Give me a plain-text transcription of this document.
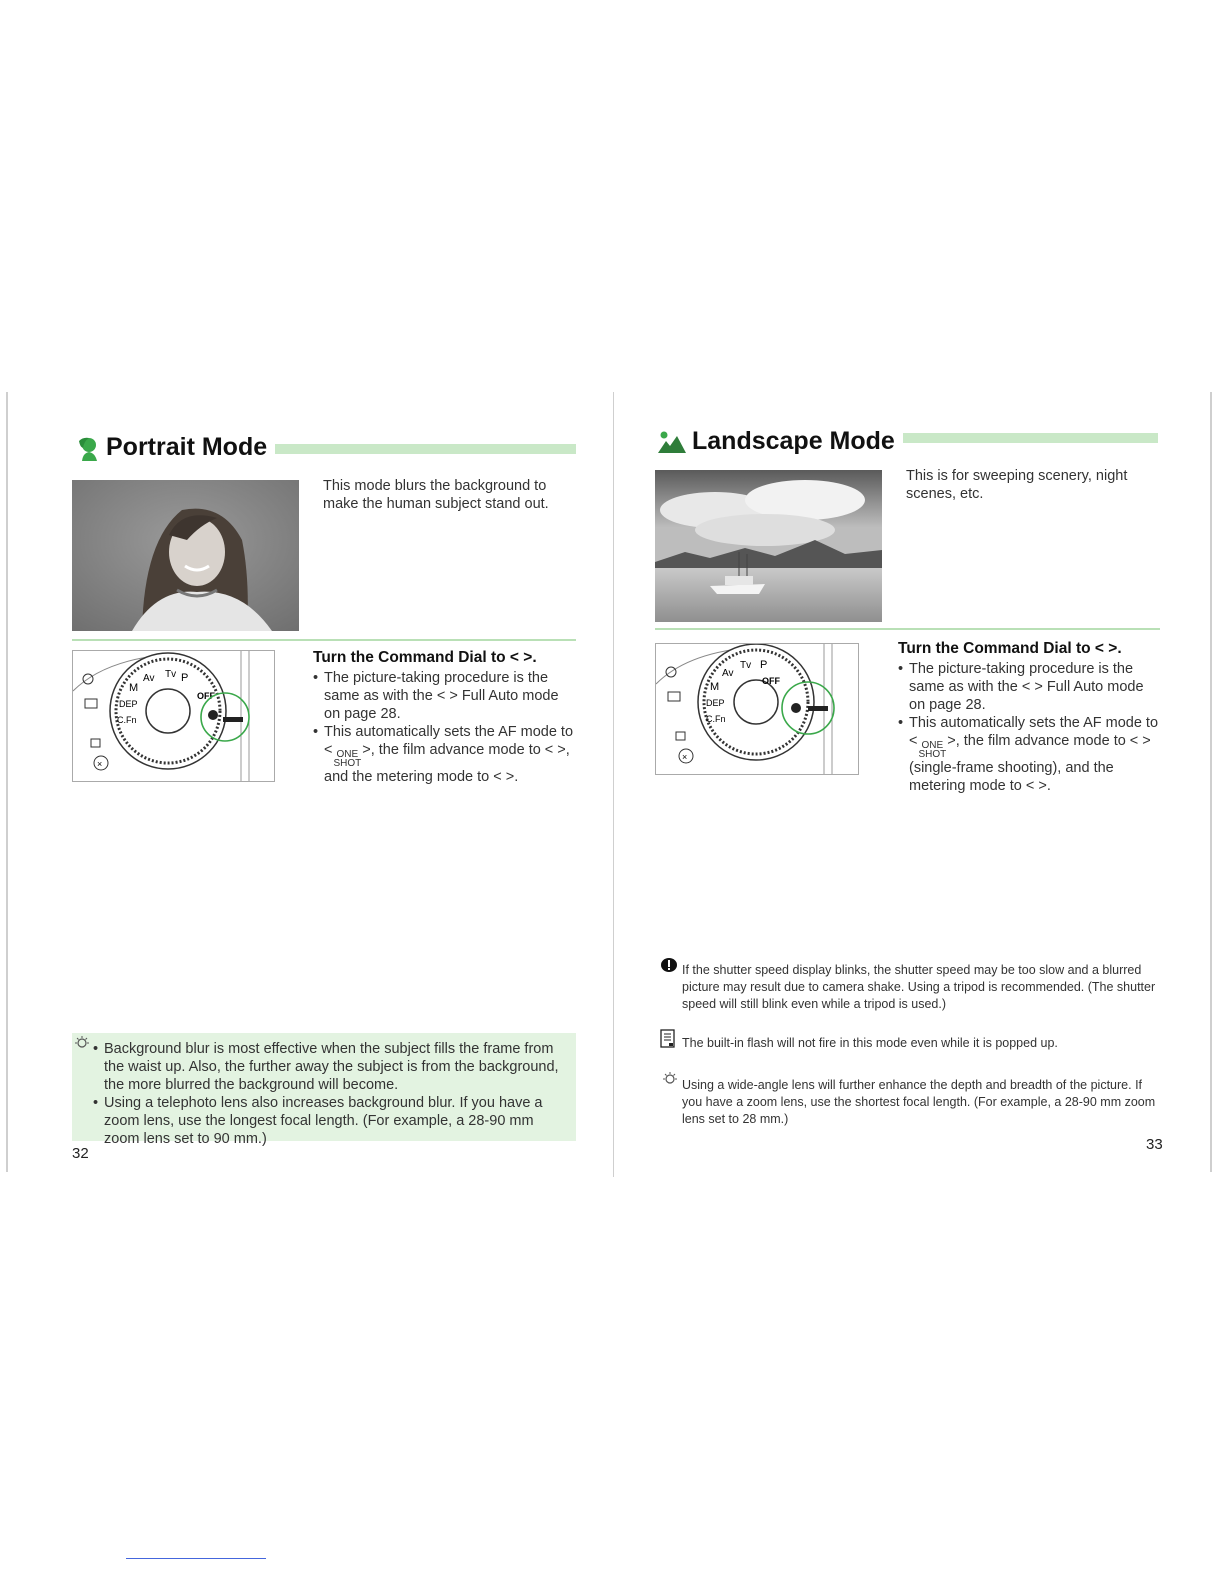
Portrait Mode
This mode blurs the background to make the human subject stand out.
P
Tv
Av
M
DEP
C.Fn
OFF
×
Turn the Command Dial to < >.
• The picture-taking procedure is the same as with the < > Full Auto mode on page 28.
• This automatically sets the AF mode to < ONE
SHOT
>, the film advance mode to < >, and the metering mode to < >.
• Background blur is most effective when the subject fills the frame from the waist up. Also, the further away the subject is from the background, the more blurred the background will become.
• Using a telephoto lens also increases background blur. If you have a zoom lens, use the longest focal length. (For example, a 28-90 mm zoom lens set to 90 mm.)
32
Landscape Mode
This is for sweeping scenery, night scenes, etc.
P
Tv
Av
M
DEP
C.Fn
OFF
×
Turn the Command Dial to < >.
• The picture-taking procedure is the same as with the < > Full Auto mode on page 28.
• This automatically sets the AF mode to < ONE
SHOT
>, the film advance mode to < > (single-frame shooting), and the metering mode to < >.
If the shutter speed display blinks, the shutter speed may be too slow and a blurred picture may result due to camera shake. Using a tripod is recommended. (The shutter speed will still blink even while a tripod is used.)
The built-in flash will not fire in this mode even while it is popped up.
Using a wide-angle lens will further enhance the depth and breadth of the picture. If you have a zoom lens, use the shortest focal length. (For example, a 28-90 mm zoom lens set to 28 mm.)
33
